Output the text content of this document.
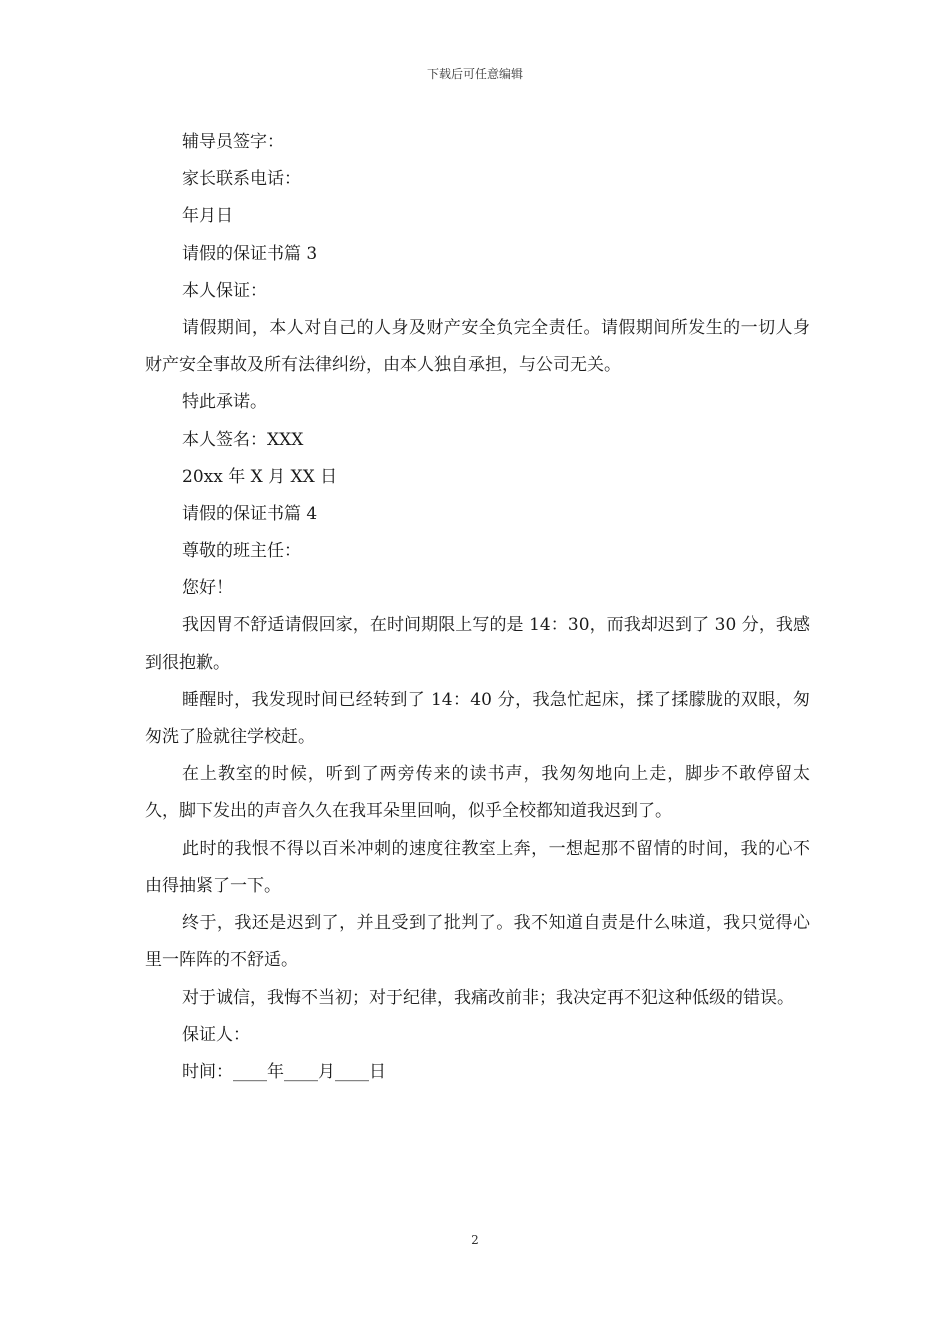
下载后可任意编辑
辅导员签字：
家长联系电话：
年月日
请假的保证书篇 3
本人保证：
请假期间，本人对自己的人身及财产安全负完全责任。请假期间所发生的一切人身财产安全事故及所有法律纠纷，由本人独自承担，与公司无关。
特此承诺。
本人签名：XXX
20xx 年 X 月 XX 日
请假的保证书篇 4
尊敬的班主任：
您好！
我因胃不舒适请假回家，在时间期限上写的是 14：30，而我却迟到了 30 分，我感到很抱歉。
睡醒时，我发现时间已经转到了 14：40 分，我急忙起床，揉了揉朦胧的双眼，匆匆洗了脸就往学校赶。
在上教室的时候，听到了两旁传来的读书声，我匆匆地向上走，脚步不敢停留太久，脚下发出的声音久久在我耳朵里回响，似乎全校都知道我迟到了。
此时的我恨不得以百米冲刺的速度往教室上奔，一想起那不留情的时间，我的心不由得抽紧了一下。
终于，我还是迟到了，并且受到了批判了。我不知道自责是什么味道，我只觉得心里一阵阵的不舒适。
对于诚信，我悔不当初；对于纪律，我痛改前非；我决定再不犯这种低级的错误。
保证人：
时间：____年____月____日
2
